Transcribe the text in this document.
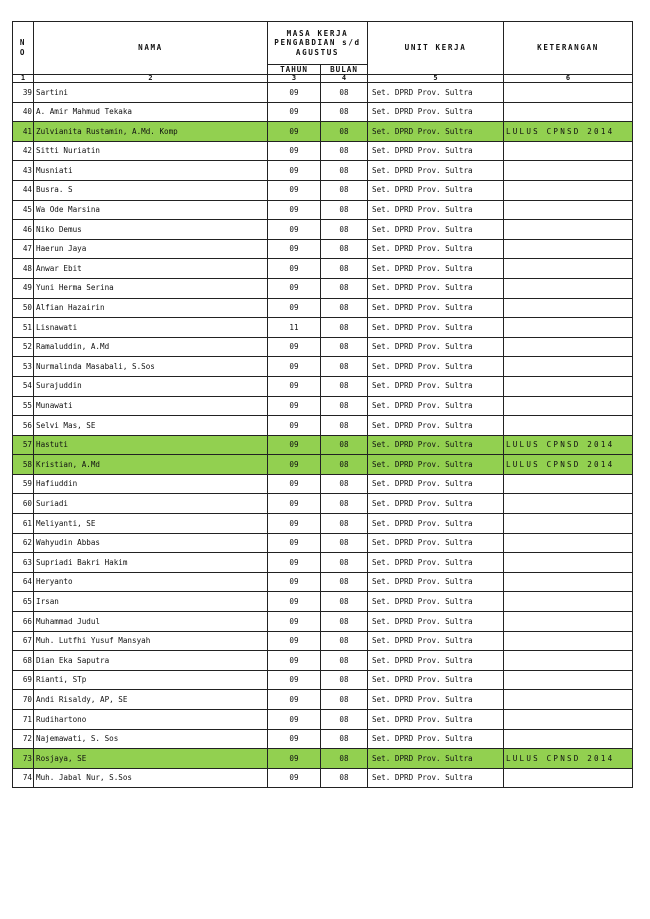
N
O	NAMA	MASA KERJA PENGABDIAN s/d AGUSTUS		UNIT KERJA	KETERANGAN
		TAHUN	BULAN		
1	2	3	4	5	6
39	Sartini	09	08	Set. DPRD Prov. Sultra	
40	A. Amir Mahmud Tekaka	09	08	Set. DPRD Prov. Sultra	
41	Zulvianita Rustamin, A.Md. Komp	09	08	Set. DPRD Prov. Sultra	LULUS CPNSD 2014
42	Sitti Nuriatin	09	08	Set. DPRD Prov. Sultra	
43	Musniati	09	08	Set. DPRD Prov. Sultra	
44	Busra. S	09	08	Set. DPRD Prov. Sultra	
45	Wa Ode Marsina	09	08	Set. DPRD Prov. Sultra	
46	Niko Demus	09	08	Set. DPRD Prov. Sultra	
47	Haerun Jaya	09	08	Set. DPRD Prov. Sultra	
48	Anwar Ebit	09	08	Set. DPRD Prov. Sultra	
49	Yuni Herma Serina	09	08	Set. DPRD Prov. Sultra	
50	Alfian Hazairin	09	08	Set. DPRD Prov. Sultra	
51	Lisnawati	11	08	Set. DPRD Prov. Sultra	
52	Ramaluddin, A.Md	09	08	Set. DPRD Prov. Sultra	
53	Nurmalinda Masabali, S.Sos	09	08	Set. DPRD Prov. Sultra	
54	Surajuddin	09	08	Set. DPRD Prov. Sultra	
55	Munawati	09	08	Set. DPRD Prov. Sultra	
56	Selvi Mas, SE	09	08	Set. DPRD Prov. Sultra	
57	Hastuti	09	08	Set. DPRD Prov. Sultra	LULUS CPNSD 2014
58	Kristian, A.Md	09	08	Set. DPRD Prov. Sultra	LULUS CPNSD 2014
59	Hafiuddin	09	08	Set. DPRD Prov. Sultra	
60	Suriadi	09	08	Set. DPRD Prov. Sultra	
61	Meliyanti, SE	09	08	Set. DPRD Prov. Sultra	
62	Wahyudin Abbas	09	08	Set. DPRD Prov. Sultra	
63	Supriadi Bakri Hakim	09	08	Set. DPRD Prov. Sultra	
64	Heryanto	09	08	Set. DPRD Prov. Sultra	
65	Irsan	09	08	Set. DPRD Prov. Sultra	
66	Muhammad Judul	09	08	Set. DPRD Prov. Sultra	
67	Muh. Lutfhi Yusuf Mansyah	09	08	Set. DPRD Prov. Sultra	
68	Dian Eka Saputra	09	08	Set. DPRD Prov. Sultra	
69	Rianti, STp	09	08	Set. DPRD Prov. Sultra	
70	Andi Risaldy, AP, SE	09	08	Set. DPRD Prov. Sultra	
71	Rudihartono	09	08	Set. DPRD Prov. Sultra	
72	Najemawati, S. Sos	09	08	Set. DPRD Prov. Sultra	
73	Rosjaya, SE	09	08	Set. DPRD Prov. Sultra	LULUS CPNSD 2014
74	Muh. Jabal Nur, S.Sos	09	08	Set. DPRD Prov. Sultra	
